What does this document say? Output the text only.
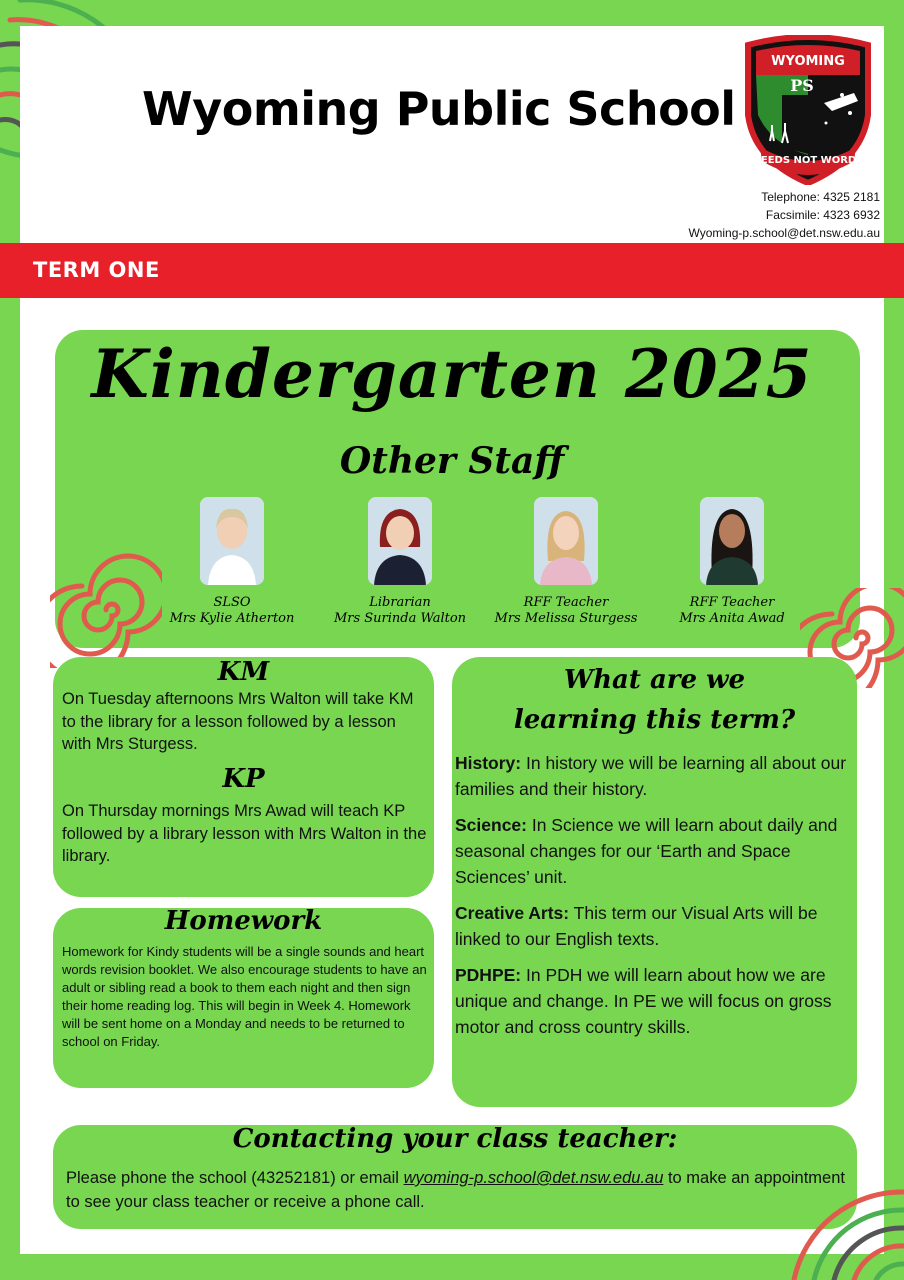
Wyoming Public School
WYOMING
PS
DEEDS NOT WORDS
Telephone: 4325 2181
Facsimile: 4323 6932
Wyoming-p.school@det.nsw.edu.au
TERM ONE
Kindergarten 2025
Other Staff
SLSO
Mrs Kylie Atherton
Librarian
Mrs Surinda Walton
RFF Teacher
Mrs Melissa Sturgess
RFF Teacher
Mrs Anita Awad
KM
On Tuesday afternoons Mrs Walton will take KM to the library for a lesson followed by a lesson with Mrs Sturgess.
KP
On Thursday mornings Mrs Awad will teach KP followed by a library lesson with Mrs Walton in the library.
Homework
Homework for Kindy students will be a single sounds and heart words revision booklet. We also encourage students to have an adult or sibling read a book to them each night and then sign their home reading log. This will begin in Week 4. Homework will be sent home on a Monday and needs to be returned to school on Friday.
What are we
learning this term?

History: In history we will be learning all about our families and their history.

Science: In Science we will learn about daily and seasonal changes for our ‘Earth and Space Sciences’ unit.

Creative Arts: This term our Visual Arts will be linked to our English texts.

PDHPE: In PDH we will learn about how we are unique and change. In PE we will focus on gross motor and cross country skills.

Contacting your class teacher:
Please phone the school (43252181) or email wyoming-p.school@det.nsw.edu.au to make an appointment to see your class teacher or receive a phone call.
